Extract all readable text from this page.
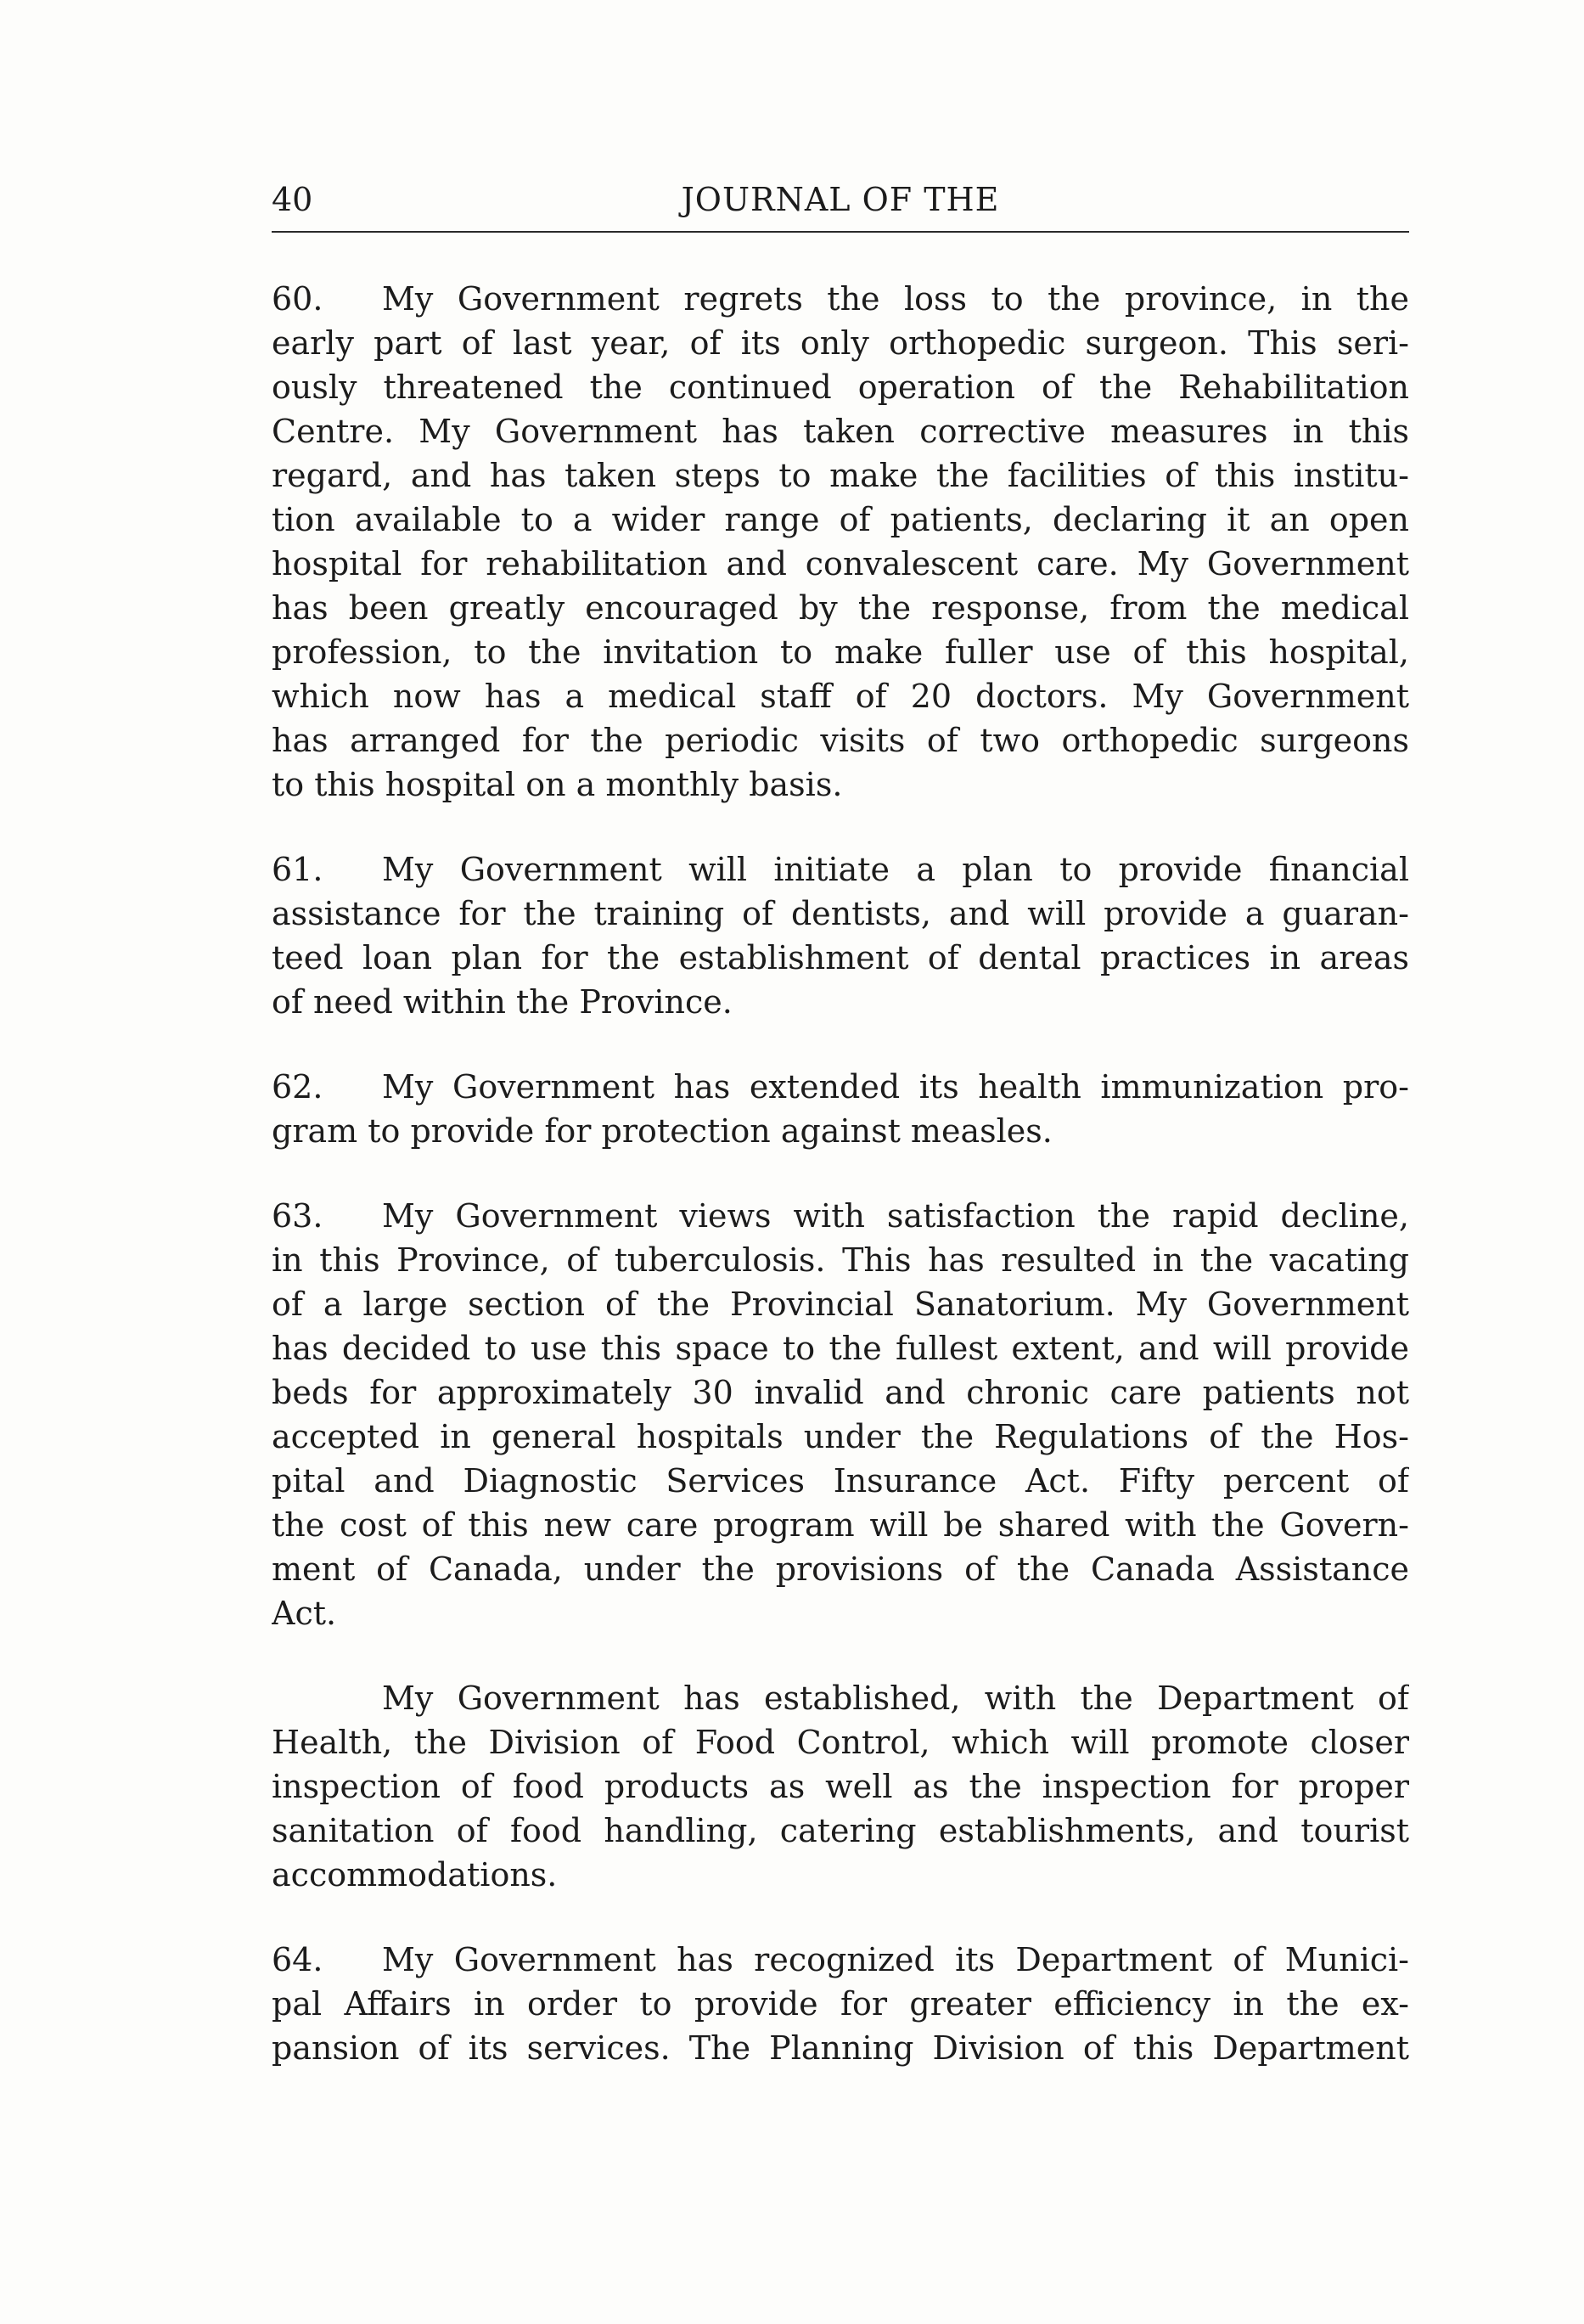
40	JOURNAL OF THE

60. My Government regrets the loss to the province, in the
early part of last year, of its only orthopedic surgeon. This seri-
ously threatened the continued operation of the Rehabilitation
Centre. My Government has taken corrective measures in this
regard, and has taken steps to make the facilities of this institu-
tion available to a wider range of patients, declaring it an open
hospital for rehabilitation and convalescent care. My Government
has been greatly encouraged by the response, from the medical
profession, to the invitation to make fuller use of this hospital,
which now has a medical staff of 20 doctors. My Government
has arranged for the periodic visits of two orthopedic surgeons
to this hospital on a monthly basis.

61. My Government will initiate a plan to provide financial
assistance for the training of dentists, and will provide a guaran-
teed loan plan for the establishment of dental practices in areas
of need within the Province.

62. My Government has extended its health immunization pro-
gram to provide for protection against measles.

63. My Government views with satisfaction the rapid decline,
in this Province, of tuberculosis. This has resulted in the vacating
of a large section of the Provincial Sanatorium. My Government
has decided to use this space to the fullest extent, and will provide
beds for approximately 30 invalid and chronic care patients not
accepted in general hospitals under the Regulations of the Hos-
pital and Diagnostic Services Insurance Act. Fifty percent of
the cost of this new care program will be shared with the Govern-
ment of Canada, under the provisions of the Canada Assistance
Act.

My Government has established, with the Department of
Health, the Division of Food Control, which will promote closer
inspection of food products as well as the inspection for proper
sanitation of food handling, catering establishments, and tourist
accommodations.

64. My Government has recognized its Department of Munici-
pal Affairs in order to provide for greater efficiency in the ex-
pansion of its services. The Planning Division of this Department
